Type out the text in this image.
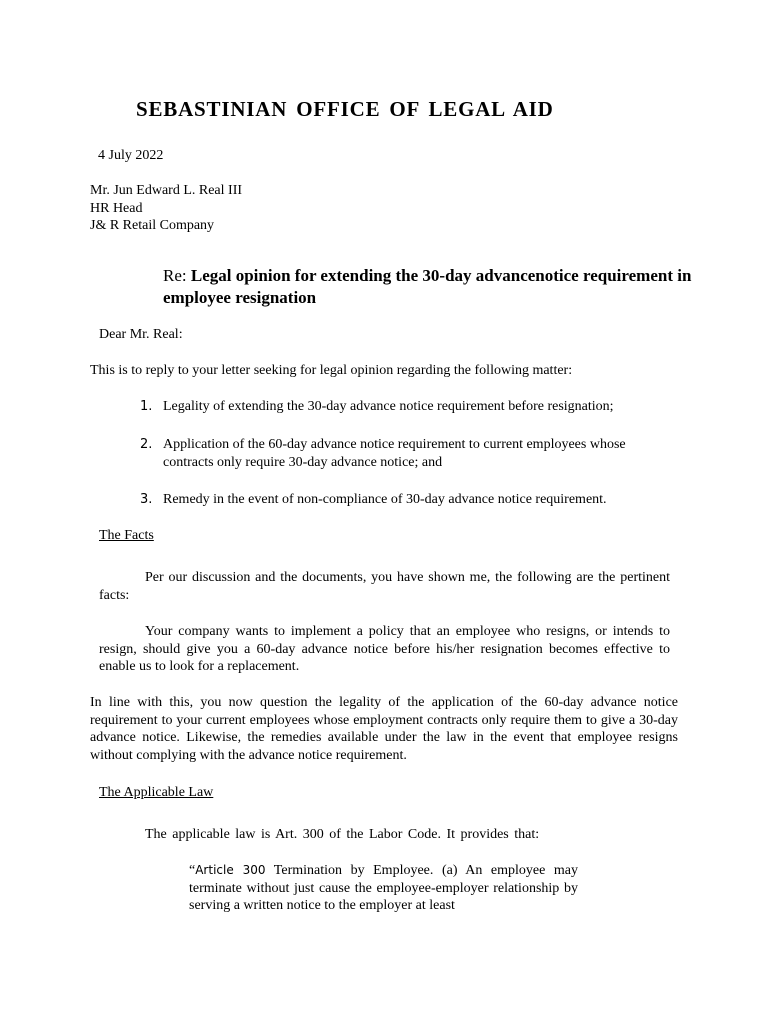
SEBASTINIAN OFFICE OF LEGAL AID
4 July 2022
Mr. Jun Edward L. Real III
HR Head
J& R Retail Company
Re: Legal opinion for extending the 30-day advancenotice requirement in employee resignation
Dear Mr. Real:
This is to reply to your letter seeking for legal opinion regarding the following matter:
1. Legality of extending the 30-day advance notice requirement before resignation;
2. Application of the 60-day advance notice requirement to current employees whose contracts only require 30-day advance notice; and
3. Remedy in the event of non-compliance of 30-day advance notice requirement.
The Facts
Per our discussion and the documents, you have shown me, the following are the pertinent facts:
Your company wants to implement a policy that an employee who resigns, or intends to resign, should give you a 60-day advance notice before his/her resignation becomes effective to enable us to look for a replacement.
In line with this, you now question the legality of the application of the 60-day advance notice requirement to your current employees whose employment contracts only require them to give a 30-day advance notice. Likewise, the remedies available under the law in the event that employee resigns without complying with the advance notice requirement.
The Applicable Law
The applicable law is Art. 300 of the Labor Code. It provides that:
“Article 300 Termination by Employee. (a) An employee may terminate without just cause the employee-employer relationship by serving a written notice to the employer at least
